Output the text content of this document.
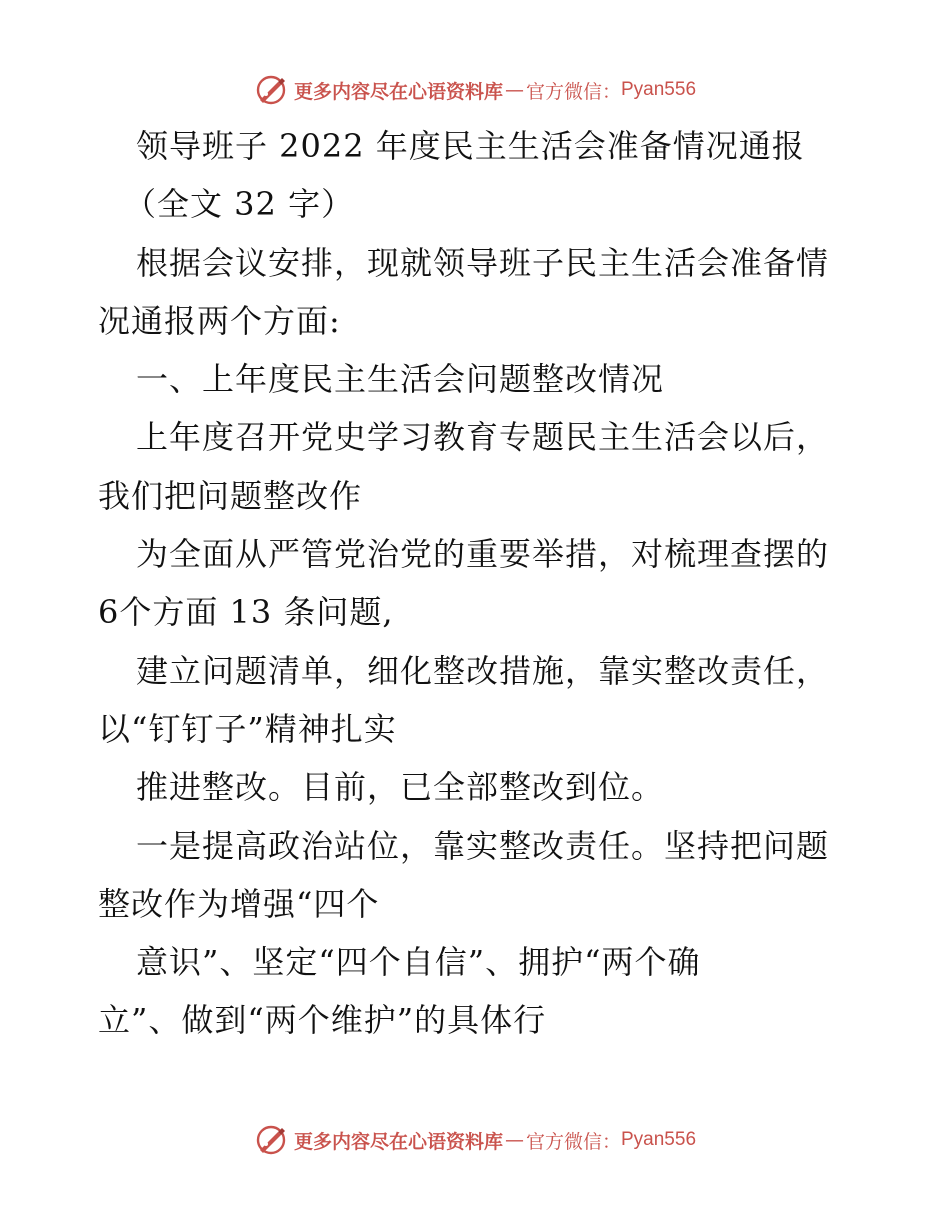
更多内容尽在心语资料库 — 官方微信： Pyan556
领导班子 2022 年度民主生活会准备情况通报
（全文 32 字）
根据会议安排，现就领导班子民主生活会准备情
况通报两个方面:
一、上年度民主生活会问题整改情况
上年度召开党史学习教育专题民主生活会以后，
我们把问题整改作
为全面从严管党治党的重要举措，对梳理查摆的
6个方面 13 条问题,
建立问题清单，细化整改措施，靠实整改责任，
以“钉钉子”精神扎实
推进整改。目前，已全部整改到位。
一是提高政治站位，靠实整改责任。坚持把问题
整改作为增强“四个
意识”、坚定“四个自信”、拥护“两个确
立”、做到“两个维护”的具体行
更多内容尽在心语资料库 — 官方微信： Pyan556
